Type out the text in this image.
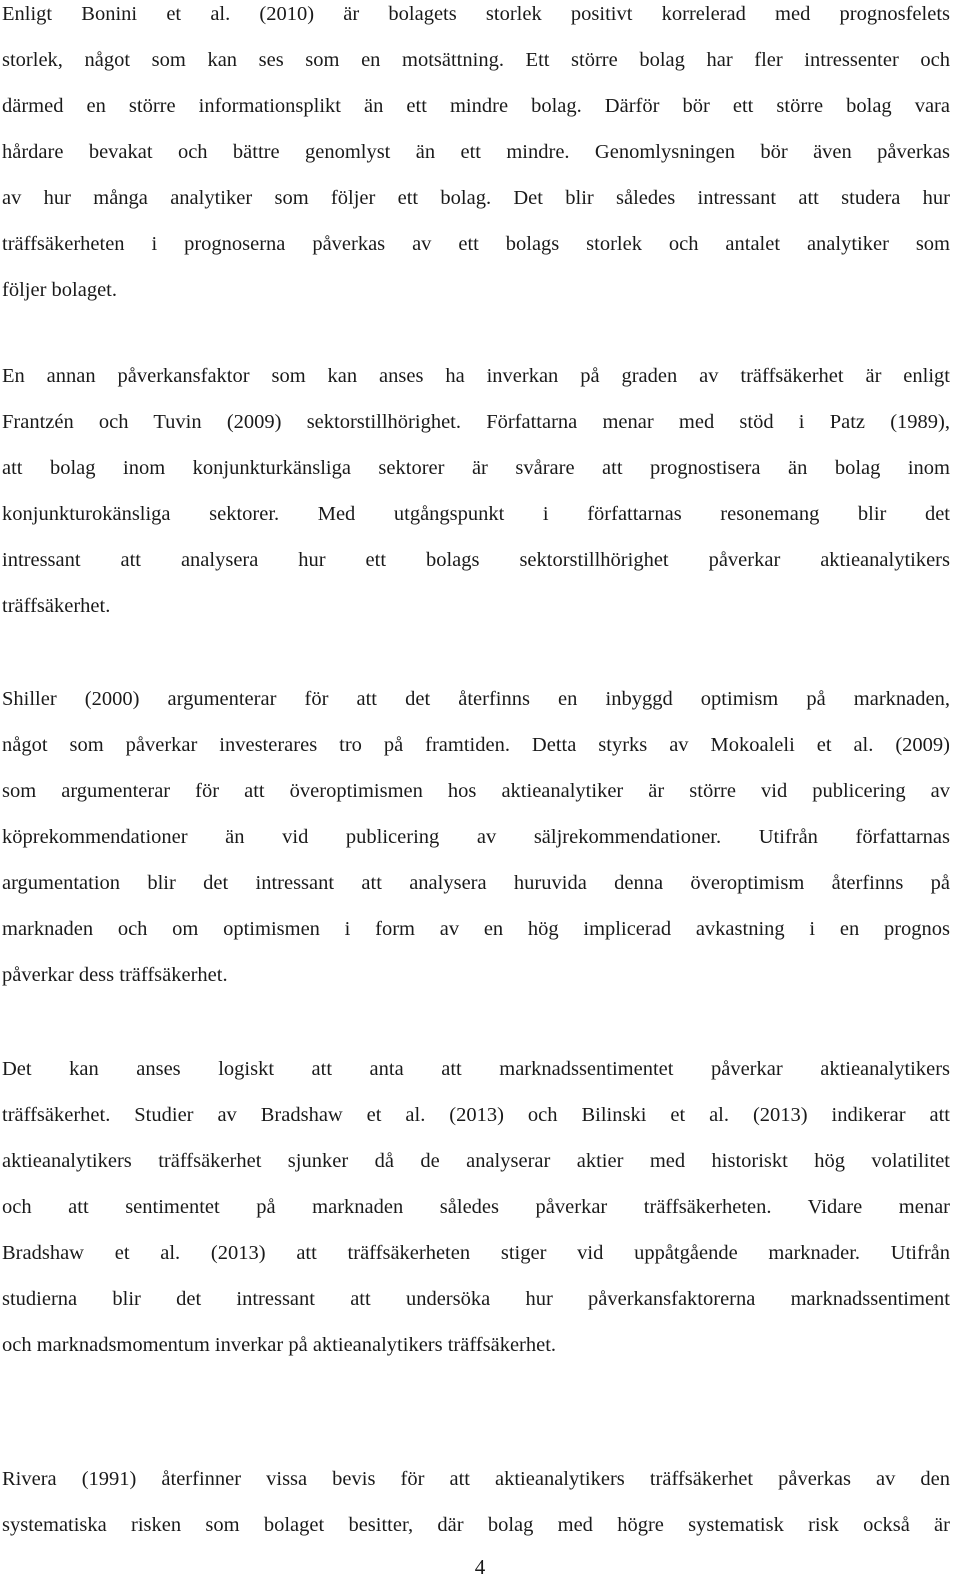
Enligt Bonini et al. (2010) är bolagets storlek positivt korrelerad med prognosfelets
storlek, något som kan ses som en motsättning. Ett större bolag har fler intressenter och
därmed en större informationsplikt än ett mindre bolag. Därför bör ett större bolag vara
hårdare bevakat och bättre genomlyst än ett mindre. Genomlysningen bör även påverkas
av hur många analytiker som följer ett bolag. Det blir således intressant att studera hur
träffsäkerheten i prognoserna påverkas av ett bolags storlek och antalet analytiker som
följer bolaget.
En annan påverkansfaktor som kan anses ha inverkan på graden av träffsäkerhet är enligt
Frantzén och Tuvin (2009) sektorstillhörighet. Författarna menar med stöd i Patz (1989),
att bolag inom konjunkturkänsliga sektorer är svårare att prognostisera än bolag inom
konjunkturokänsliga sektorer. Med utgångspunkt i författarnas resonemang blir det
intressant att analysera hur ett bolags sektorstillhörighet påverkar aktieanalytikers
träffsäkerhet.
Shiller (2000) argumenterar för att det återfinns en inbyggd optimism på marknaden,
något som påverkar investerares tro på framtiden. Detta styrks av Mokoaleli et al. (2009)
som argumenterar för att överoptimismen hos aktieanalytiker är större vid publicering av
köprekommendationer än vid publicering av säljrekommendationer. Utifrån författarnas
argumentation blir det intressant att analysera huruvida denna överoptimism återfinns på
marknaden och om optimismen i form av en hög implicerad avkastning i en prognos
påverkar dess träffsäkerhet.
Det kan anses logiskt att anta att marknadssentimentet påverkar aktieanalytikers
träffsäkerhet. Studier av Bradshaw et al. (2013) och Bilinski et al. (2013) indikerar att
aktieanalytikers träffsäkerhet sjunker då de analyserar aktier med historiskt hög volatilitet
och att sentimentet på marknaden således påverkar träffsäkerheten. Vidare menar
Bradshaw et al. (2013) att träffsäkerheten stiger vid uppåtgående marknader. Utifrån
studierna blir det intressant att undersöka hur påverkansfaktorerna marknadssentiment
och marknadsmomentum inverkar på aktieanalytikers träffsäkerhet.
Rivera (1991) återfinner vissa bevis för att aktieanalytikers träffsäkerhet påverkas av den
systematiska risken som bolaget besitter, där bolag med högre systematisk risk också är
4
